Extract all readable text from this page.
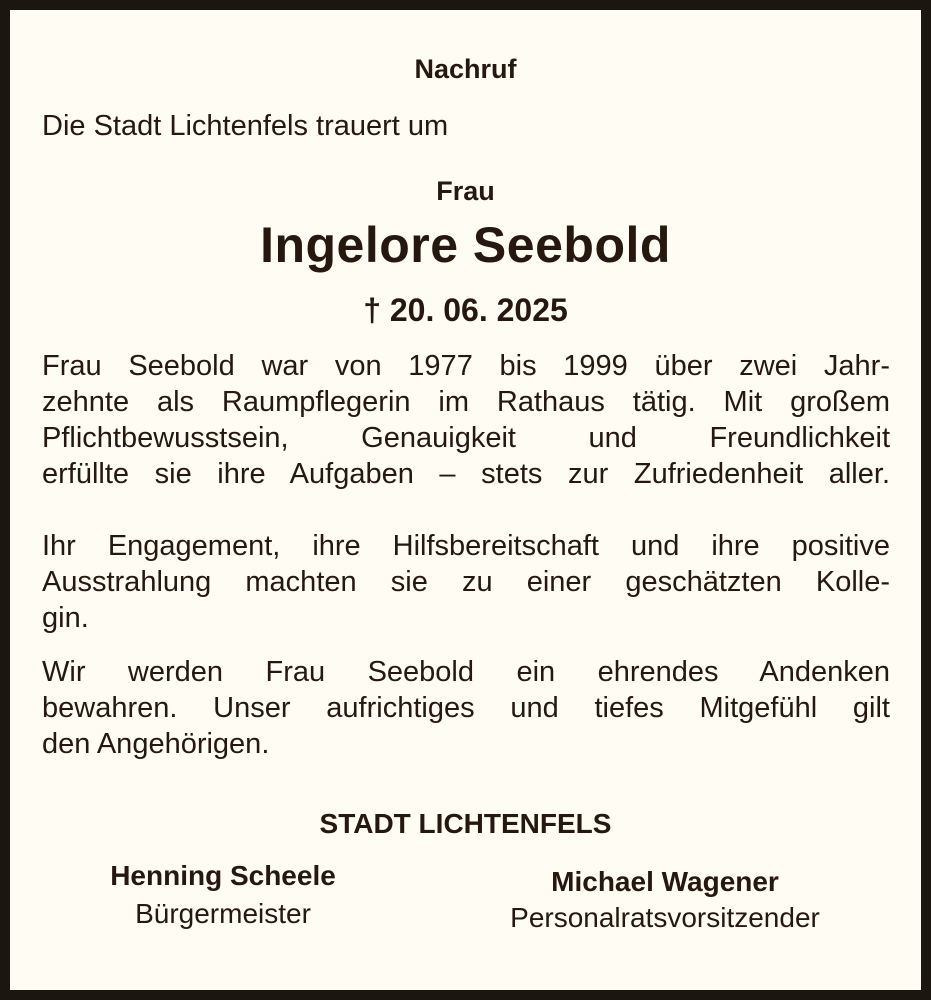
Nachruf
Die Stadt Lichtenfels trauert um
Frau
Ingelore Seebold
† 20. 06. 2025
Frau Seebold war von 1977 bis 1999 über zwei Jahr-
zehnte als Raumpflegerin im Rathaus tätig. Mit großem
Pflichtbewusstsein, Genauigkeit und Freundlichkeit
erfüllte sie ihre Aufgaben – stets zur Zufriedenheit aller.
Ihr Engagement, ihre Hilfsbereitschaft und ihre positive
Ausstrahlung machten sie zu einer geschätzten Kolle-
gin.
Wir werden Frau Seebold ein ehrendes Andenken
bewahren. Unser aufrichtiges und tiefes Mitgefühl gilt
den Angehörigen.
STADT LICHTENFELS
Henning Scheele
Bürgermeister
Michael Wagener
Personalratsvorsitzender
